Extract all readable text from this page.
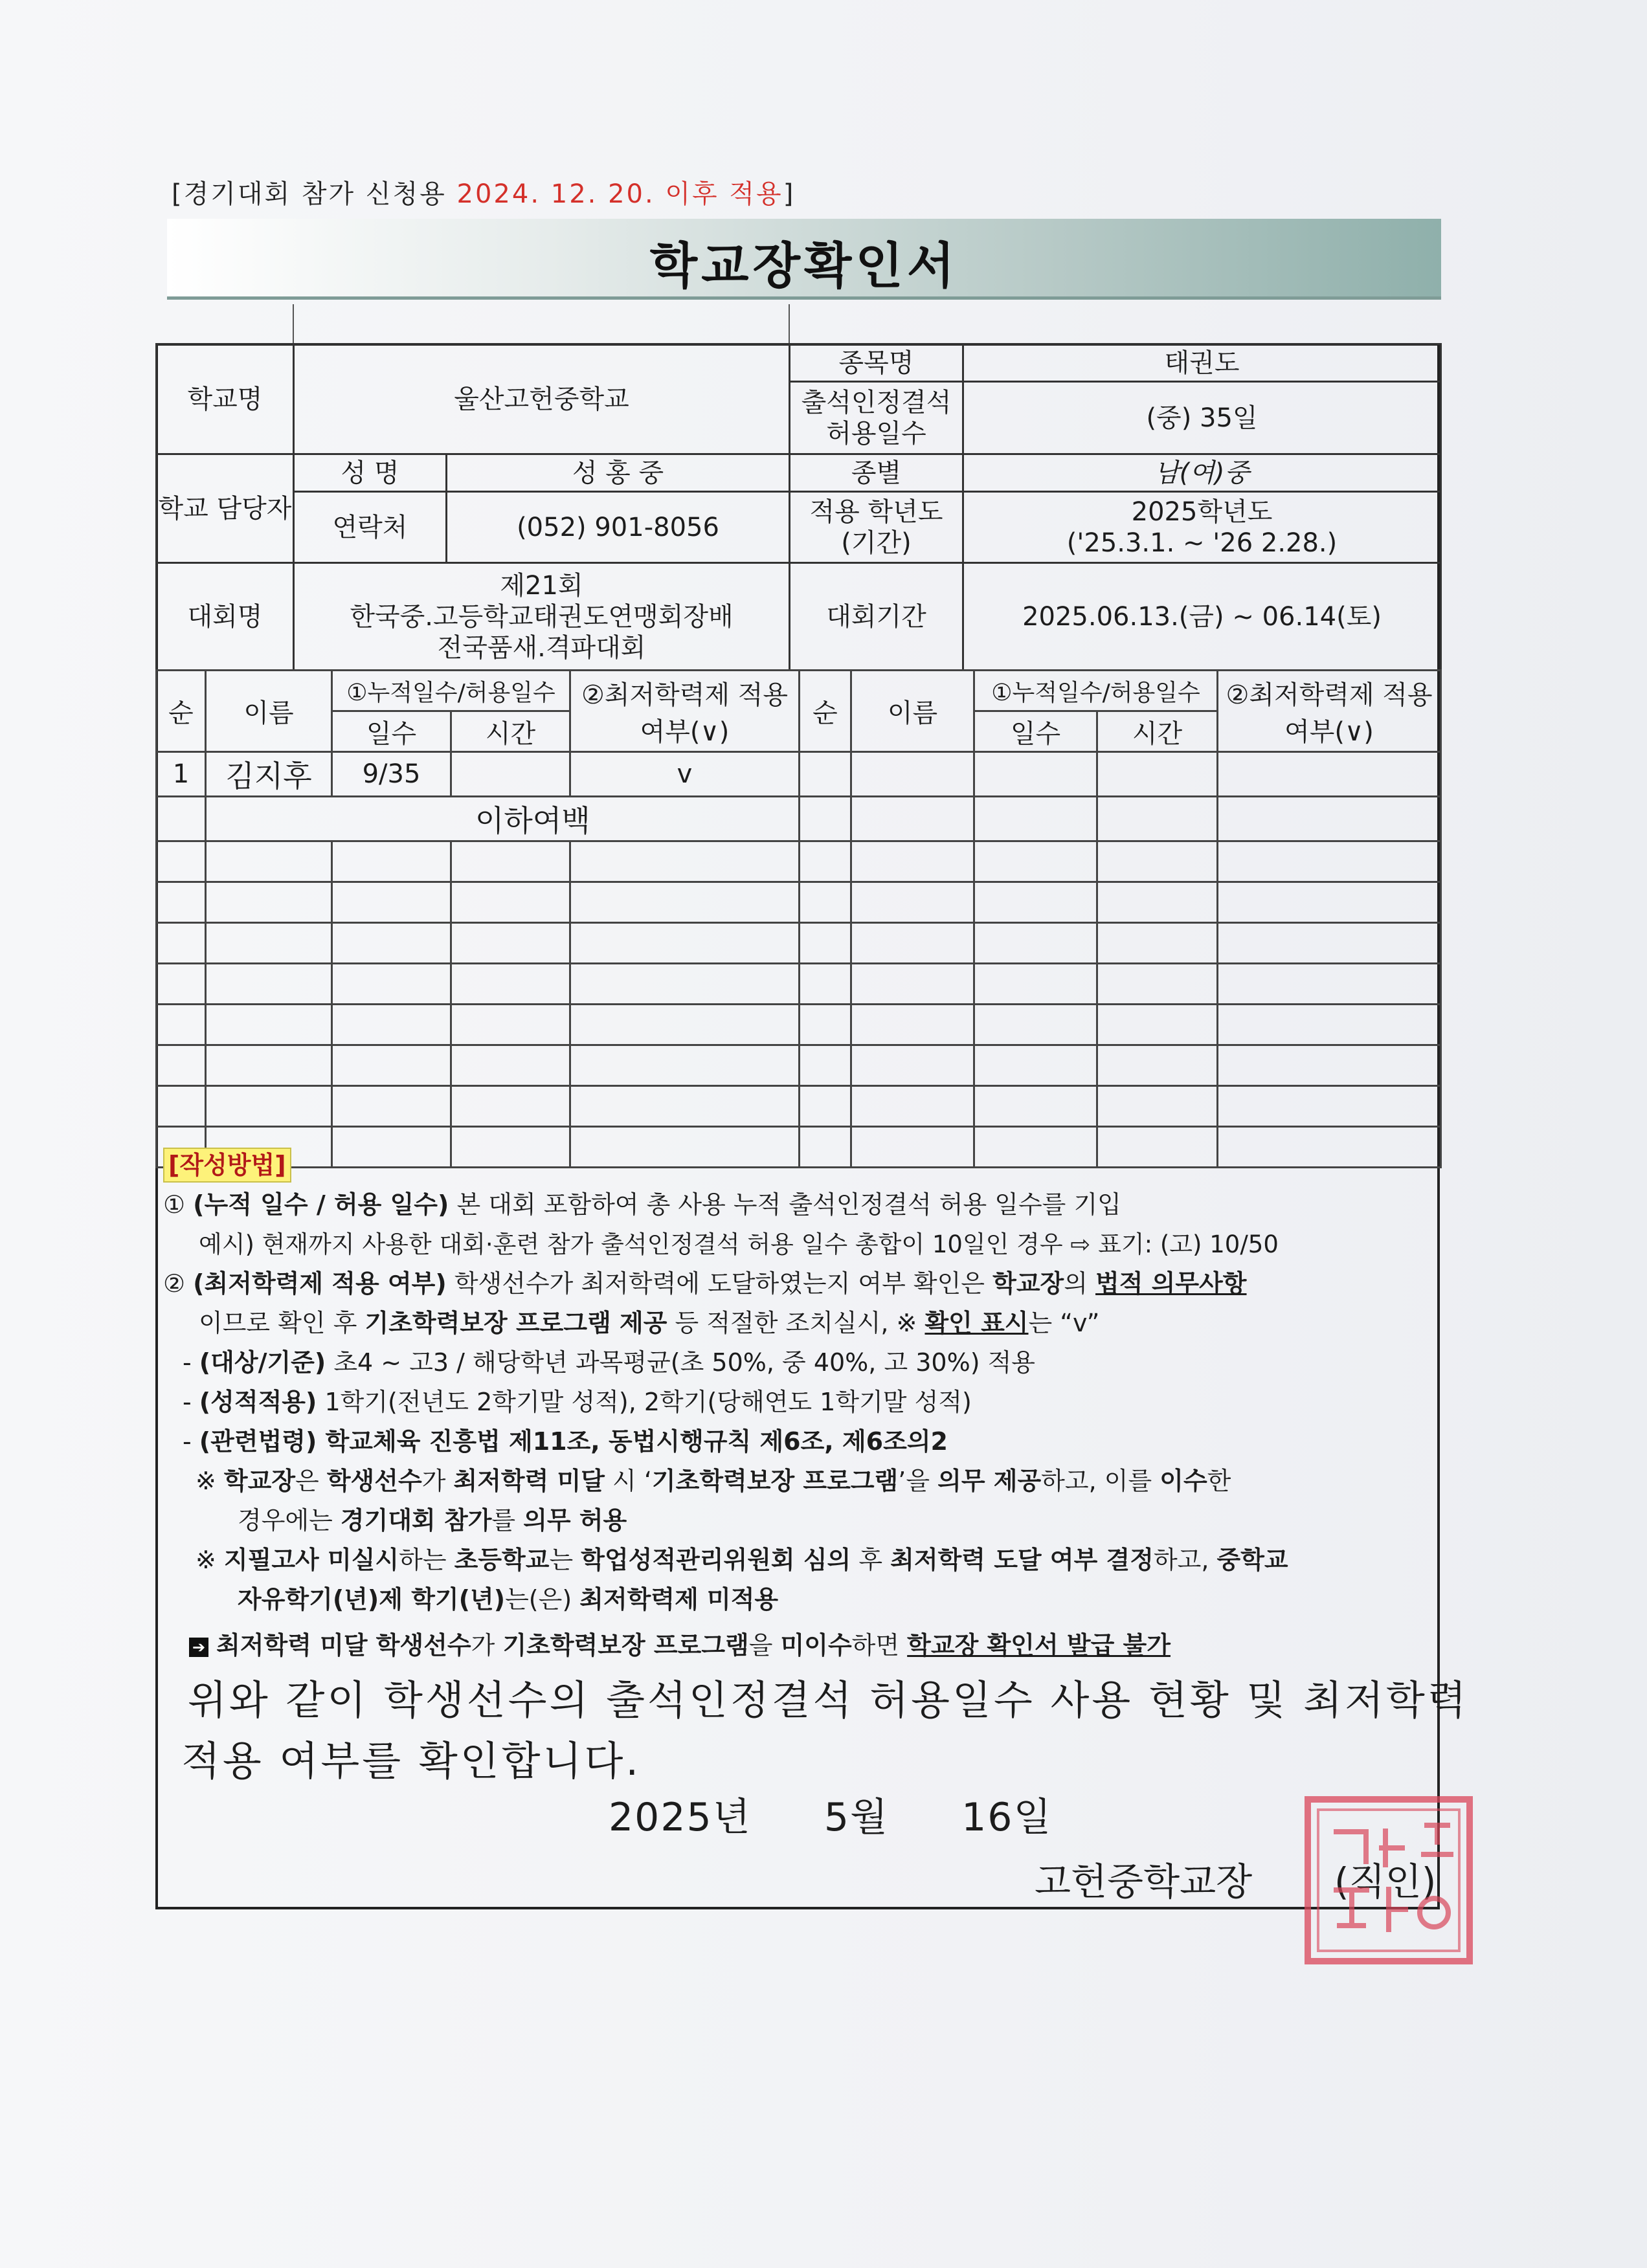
[경기대회 참가 신청용 2024. 12. 20. 이후 적용]
학교장확인서
학교명	울산고헌중학교		종목명	태권도
			출석인정결석 허용일수	(중) 35일
학교 담당자	성 명	성 홍 중	종별	남(여)중
	연락처	(052) 901-8056	적용 학년도 (기간)	2025학년도
('25.3.1. ~ '26 2.28.)

대회명	제21회
한국중.고등학교태권도연맹회장배
전국품새.격파대회		대회기간	2025.06.13.(금) ~ 06.14(토)
순	이름	①누적일수/허용일수		②최저학력제 적용여부(∨)	순	이름	①누적일수/허용일수		②최저학력제 적용여부(∨)
		일수	시간				일수	시간	
1	김지후	9/35		v					
	이하여백								

[작성방법]

① (누적 일수 / 허용 일수) 본 대회 포함하여 총 사용 누적 출석인정결석 허용 일수를 기입

예시) 현재까지 사용한 대회·훈련 참가 출석인정결석 허용 일수 총합이 10일인 경우 ⇨ 표기: (고) 10/50

② (최저학력제 적용 여부) 학생선수가 최저학력에 도달하였는지 여부 확인은 학교장의 법적 의무사항

이므로 확인 후 기초학력보장 프로그램 제공 등 적절한 조치실시, ※ 확인 표시는 “v”

- (대상/기준) 초4 ~ 고3 / 해당학년 과목평균(초 50%, 중 40%, 고 30%) 적용

- (성적적용) 1학기(전년도 2학기말 성적), 2학기(당해연도 1학기말 성적)

- (관련법령) 학교체육 진흥법 제11조, 동법시행규칙 제6조, 제6조의2

※ 학교장은 학생선수가 최저학력 미달 시 ‘기초학력보장 프로그램’을 의무 제공하고, 이를 이수한

경우에는 경기대회 참가를 의무 허용

※ 지필고사 미실시하는 초등학교는 학업성적관리위원회 심의 후 최저학력 도달 여부 결정하고, 중학교

자유학기(년)제 학기(년)는(은) 최저학력제 미적용

➔ 최저학력 미달 학생선수가 기초학력보장 프로그램을 미이수하면 학교장 확인서 발급 불가

위와 같이 학생선수의 출석인정결석 허용일수 사용 현황 및 최저학력
적용 여부를 확인합니다.
2025년 5월 16일
고헌중학교장 (직인)
